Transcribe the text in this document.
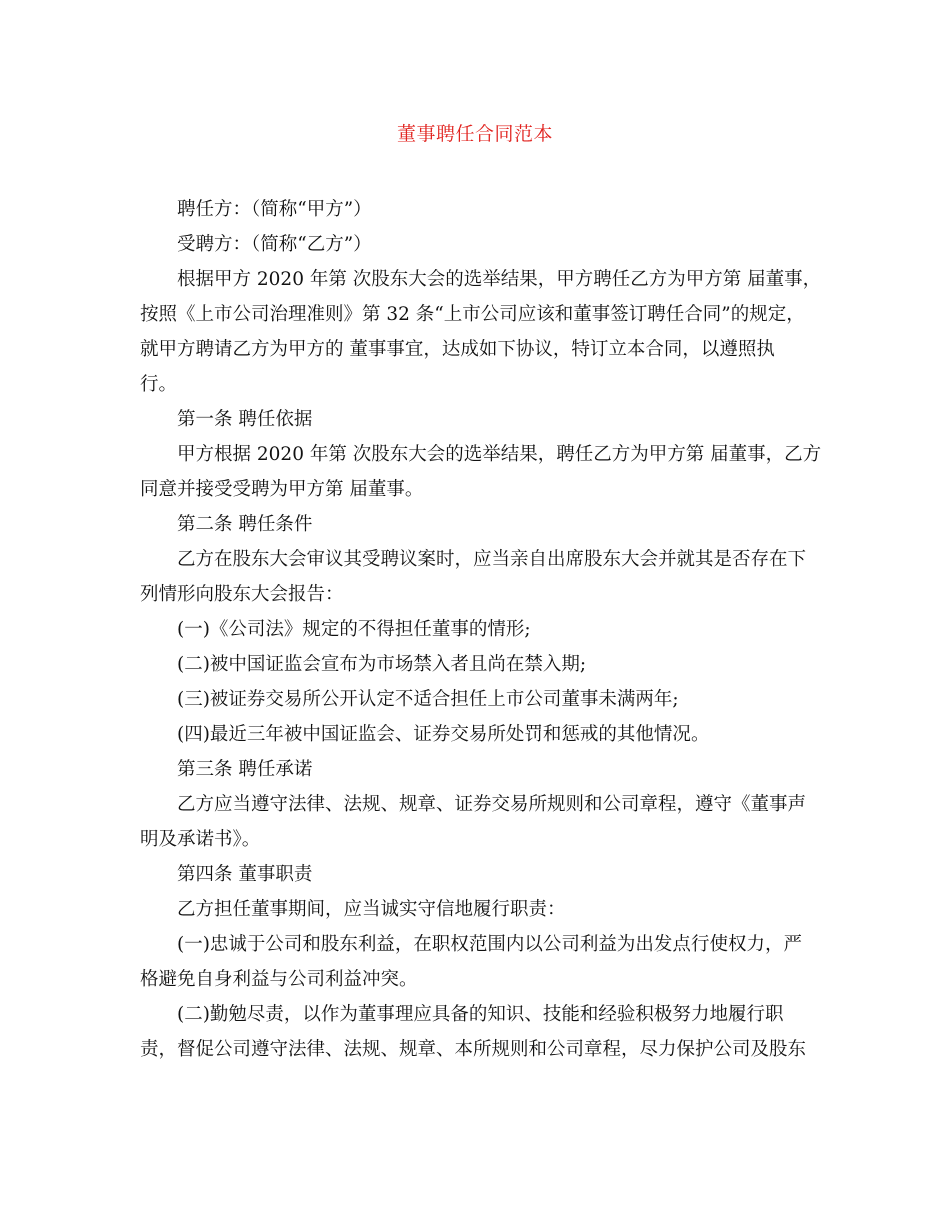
董事聘任合同范本
聘任方：（简称“甲方”）
受聘方：（简称“乙方”）
根据甲方 2020 年第 次股东大会的选举结果，甲方聘任乙方为甲方第 届董事，
按照《上市公司治理准则》第 32 条“上市公司应该和董事签订聘任合同”的规定，
就甲方聘请乙方为甲方的 董事事宜，达成如下协议，特订立本合同，以遵照执
行。
第一条 聘任依据
甲方根据 2020 年第 次股东大会的选举结果，聘任乙方为甲方第 届董事，乙方
同意并接受受聘为甲方第 届董事。
第二条 聘任条件
乙方在股东大会审议其受聘议案时，应当亲自出席股东大会并就其是否存在下
列情形向股东大会报告：
(一)《公司法》规定的不得担任董事的情形;
(二)被中国证监会宣布为市场禁入者且尚在禁入期;
(三)被证券交易所公开认定不适合担任上市公司董事未满两年;
(四)最近三年被中国证监会、证券交易所处罚和惩戒的其他情况。
第三条 聘任承诺
乙方应当遵守法律、法规、规章、证券交易所规则和公司章程，遵守《董事声
明及承诺书》。
第四条 董事职责
乙方担任董事期间，应当诚实守信地履行职责：
(一)忠诚于公司和股东利益，在职权范围内以公司利益为出发点行使权力，严
格避免自身利益与公司利益冲突。
(二)勤勉尽责，以作为董事理应具备的知识、技能和经验积极努力地履行职
责，督促公司遵守法律、法规、规章、本所规则和公司章程，尽力保护公司及股东
